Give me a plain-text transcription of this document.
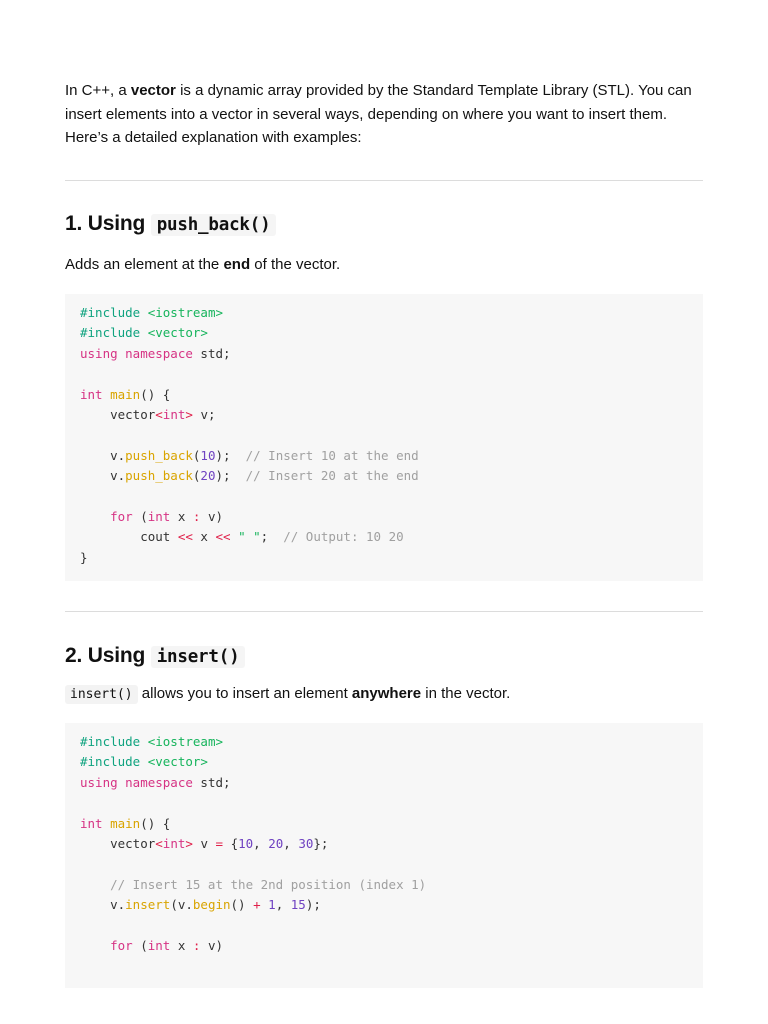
In C++, a vector is a dynamic array provided by the Standard Template Library (STL). You can insert elements into a vector in several ways, depending on where you want to insert them. Here’s a detailed explanation with examples:

1. Using push_back()

Adds an element at the end of the vector.

#include <iostream>
#include <vector>
using namespace std;

int main() {
vector<int> v;

v.push_back(10);  // Insert 10 at the end
v.push_back(20);  // Insert 20 at the end

for (int x : v)
cout << x << " ";  // Output: 10 20
}
2. Using insert()

insert() allows you to insert an element anywhere in the vector.

#include <iostream>
#include <vector>
using namespace std;

int main() {
vector<int> v = {10, 20, 30};

// Insert 15 at the 2nd position (index 1)
v.insert(v.begin() + 1, 15);

for (int x : v)
